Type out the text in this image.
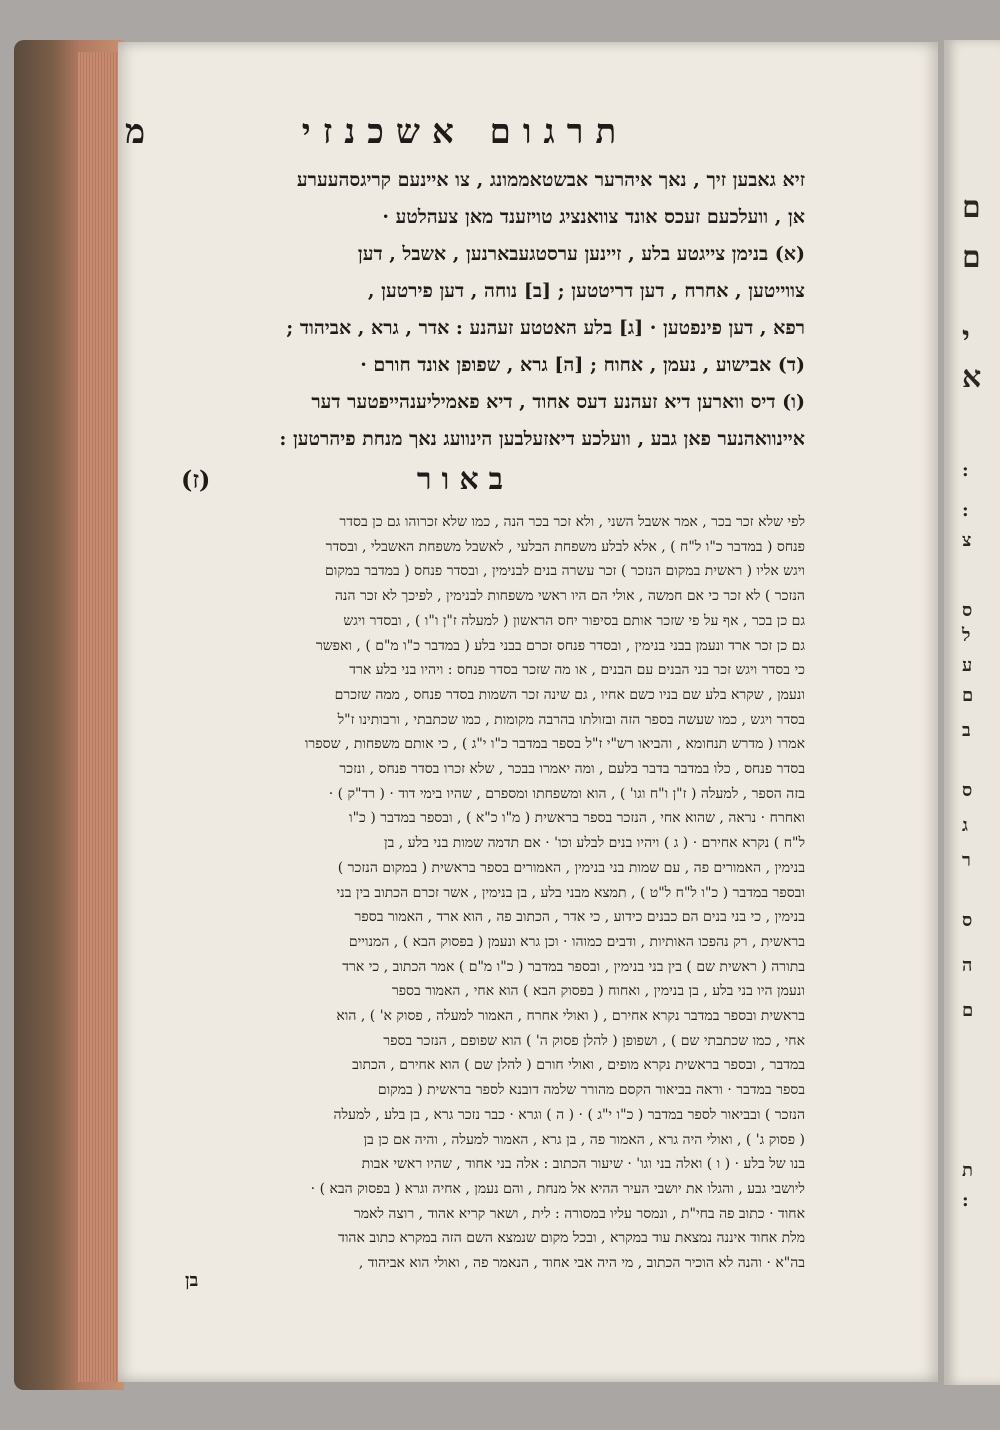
ם
ם
י
א
:
:
צ
ס
ל
ע
ם
ב
ס
ג
ר
ס
ה
ם
ת
:
תרגום אשכנזי
מ
זיא גאבען זיך , נאך איהרער אבשטאממונג , צו איינעם קריגסהעערע
אן , וועלכעם זעכס אונד צוואנציג טויזענד מאן צעהלטע ·
(א) בנימן צייגטע בלע , זיינען ערסטגעבארנען , אשבל , דען
צווייטען , אחרח , דען דריטטען ; [ב] נוחה , דען פירטען ,
רפא , דען פינפטען · [ג] בלע האטטע זעהנע : אדר , גרא , אביהוד ;
(ד) אבישוע , נעמן , אחוח ; [ה] גרא , שפופן אונד חורם ·
(ו) דיס ווארען דיא זעהנע דעס אחוד , דיא פאמיליענהייפטער דער
איינוואהנער פאן גבע , וועלכע דיאזעלבען הינוועג נאך מנחת פיהרטען :
באור
(ז)
לפי שלא זכר בכר , אמר אשבל השני , ולא זכר בכר הנה , כמו שלא זכרוהו גם כן בסדר
פנחס ( במדבר כ"ו ל"ח ) , אלא לבלע משפחת הבלעי , לאשבל משפחת האשבלי , ובסדר
ויגש אליו ( ראשית במקום הנזכר ) זכר עשרה בנים לבנימין , ובסדר פנחס ( במדבר במקום
הנזכר ) לא זכר כי אם חמשה , אולי הם היו ראשי משפחות לבנימין , לפיכך לא זכר הנה
גם כן בכר , אף על פי שזכר אותם בסיפור יחס הראשון ( למעלה ז"ן ו"ו ) , ובסדר ויגש
גם כן זכר ארד ונעמן בבני בנימין , ובסדר פנחס זכרם בבני בלע ( במדבר כ"ו מ"ם ) , ואפשר
כי בסדר ויגש זכר בני הבנים עם הבנים , או מה שזכר בסדר פנחס : ויהיו בני בלע ארד
ונעמן , שקרא בלע שם בניו כשם אחיו , גם שינה זכר השמות בסדר פנחס , ממה שזכרם
בסדר ויגש , כמו שעשה בספר הזה ובזולתו בהרבה מקומות , כמו שכתבתי , ורבותינו ז"ל
אמרו ( מדרש תנחומא , והביאו רש"י ז"ל בספר במדבר כ"ו י"ג ) , כי אותם משפחות , שספרו
בסדר פנחס , כלו במדבר בדבר בלעם , ומה יאמרו בבכר , שלא זכרו בסדר פנחס , ונזכר
בזה הספר , למעלה ( ז"ן ו"ח וגו' ) , הוא ומשפחתו ומספרם , שהיו בימי דוד · ( רד"ק ) ·
ואחרח · נראה , שהוא אחי , הנזכר בספר בראשית ( מ"ו כ"א ) , ובספר במדבר ( כ"ו
ל"ח ) נקרא אחירם · ( ג ) ויהיו בנים לבלע וכו' · אם תדמה שמות בני בלע , בן
בנימין , האמורים פה , עם שמות בני בנימין , האמורים בספר בראשית ( במקום הנזכר )
ובספר במדבר ( כ"ו ל"ח ל"ט ) , תמצא מבני בלע , בן בנימין , אשר זכרם הכתוב בין בני
בנימין , כי בני בנים הם כבנים כידוע , כי אדר , הכתוב פה , הוא ארד , האמור בספר
בראשית , רק נהפכו האותיות , ודבים כמוהו · וכן גרא ונעמן ( בפסוק הבא ) , המנויים
בתורה ( ראשית שם ) בין בני בנימין , ובספר במדבר ( כ"ו מ"ם ) אמר הכתוב , כי ארד
ונעמן היו בני בלע , בן בנימין , ואחוח ( בפסוק הבא ) הוא אחי , האמור בספר
בראשית ובספר במדבר נקרא אחירם , ( ואולי אחרח , האמור למעלה , פסוק א' ) , הוא
אחי , כמו שכתבתי שם ) , ושפופן ( להלן פסוק ה' ) הוא שפופם , הנזכר בספר
במדבר , ובספר בראשית נקרא מופים , ואולי חורם ( להלן שם ) הוא אחירם , הכתוב
בספר במדבר · וראה בביאור הקסם מהורר שלמה דובנא לספר בראשית ( במקום
הנזכר ) ובביאור לספר במדבר ( כ"ו י"ג ) · ( ה ) וגרא · כבר נזכר גרא , בן בלע , למעלה
( פסוק ג' ) , ואולי היה גרא , האמור פה , בן גרא , האמור למעלה , והיה אם כן בן
בנו של בלע · ( ו ) ואלה בני וגו' · שיעור הכתוב : אלה בני אחוד , שהיו ראשי אבות
ליושבי גבע , והגלו את יושבי העיר ההיא אל מנחת , והם נעמן , אחיה וגרא ( בפסוק הבא ) ·
אחוד · כתוב פה בחי"ת , ונמסר עליו במסורה : לית , ושאר קריא אהוד , רוצה לאמר
מלת אחוד איננה נמצאת עוד במקרא , ובכל מקום שנמצא השם הזה במקרא כתוב אהוד
בה"א · והנה לא הוכיר הכתוב , מי היה אבי אחוד , הנאמר פה , ואולי הוא אביהוד ,
בן
